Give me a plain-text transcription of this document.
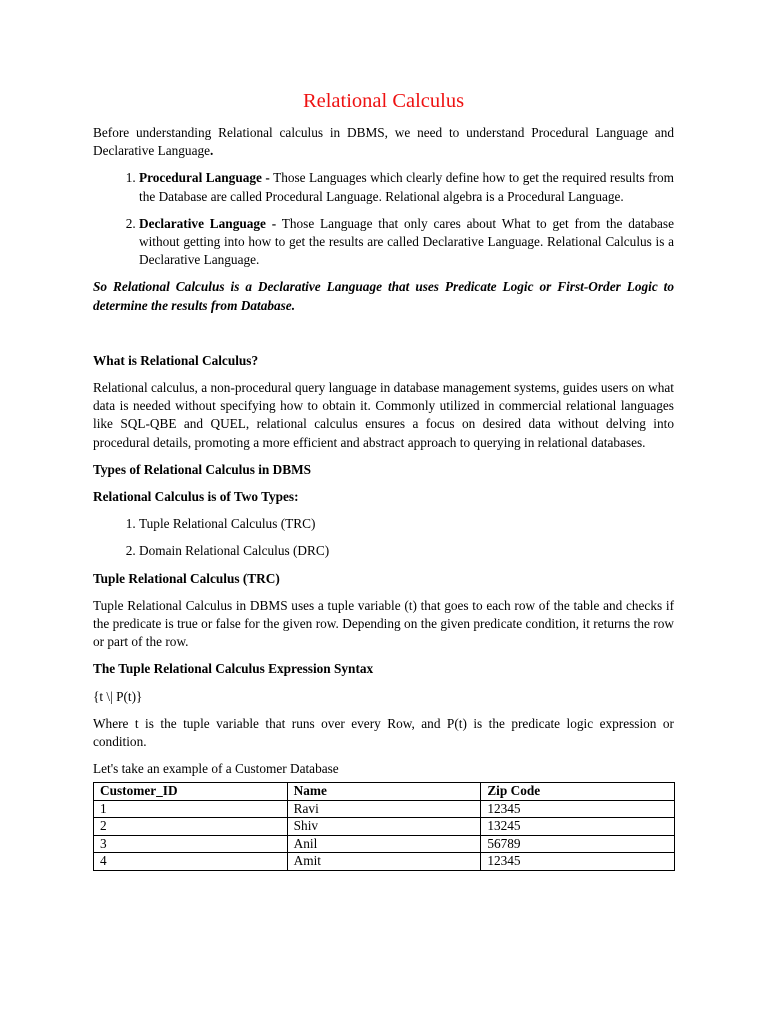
Relational Calculus

Before understanding Relational calculus in DBMS, we need to understand Procedural Language and Declarative Language.

1. Procedural Language - Those Languages which clearly define how to get the required results from the Database are called Procedural Language. Relational algebra is a Procedural Language.
2. Declarative Language - Those Language that only cares about What to get from the database without getting into how to get the results are called Declarative Language. Relational Calculus is a Declarative Language.

So Relational Calculus is a Declarative Language that uses Predicate Logic or First-Order Logic to determine the results from Database.

What is Relational Calculus?

Relational calculus, a non-procedural query language in database management systems, guides users on what data is needed without specifying how to obtain it. Commonly utilized in commercial relational languages like SQL-QBE and QUEL, relational calculus ensures a focus on desired data without delving into procedural details, promoting a more efficient and abstract approach to querying in relational databases.

Types of Relational Calculus in DBMS

Relational Calculus is of Two Types:

1. Tuple Relational Calculus (TRC)
2. Domain Relational Calculus (DRC)

Tuple Relational Calculus (TRC)

Tuple Relational Calculus in DBMS uses a tuple variable (t) that goes to each row of the table and checks if the predicate is true or false for the given row. Depending on the given predicate condition, it returns the row or part of the row.

The Tuple Relational Calculus Expression Syntax

{t \| P(t)}

Where t is the tuple variable that runs over every Row, and P(t) is the predicate logic expression or condition.

Let's take an example of a Customer Database

Customer_ID	Name	Zip Code
1	Ravi	12345
2	Shiv	13245
3	Anil	56789
4	Amit	12345
